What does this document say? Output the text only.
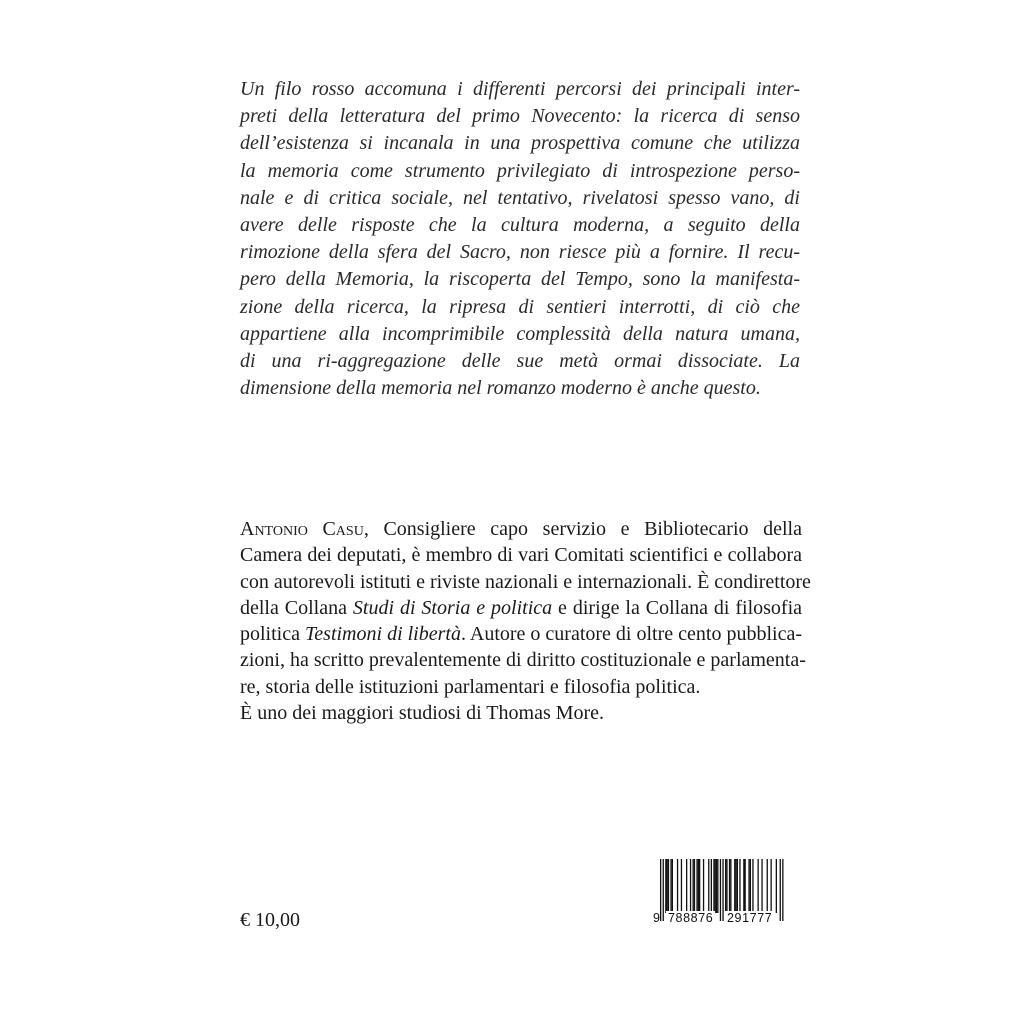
Un filo rosso accomuna i differenti percorsi dei principali inter-
preti della letteratura del primo Novecento: la ricerca di senso
dell’esistenza si incanala in una prospettiva comune che utilizza
la memoria come strumento privilegiato di introspezione perso-
nale e di critica sociale, nel tentativo, rivelatosi spesso vano, di
avere delle risposte che la cultura moderna, a seguito della
rimozione della sfera del Sacro, non riesce più a fornire. Il recu-
pero della Memoria, la riscoperta del Tempo, sono la manifesta-
zione della ricerca, la ripresa di sentieri interrotti, di ciò che
appartiene alla incomprimibile complessità della natura umana,
di una ri-aggregazione delle sue metà ormai dissociate. La
dimensione della memoria nel romanzo moderno è anche questo.
Antonio Casu, Consigliere capo servizio e Bibliotecario della
Camera dei deputati, è membro di vari Comitati scientifici e collabora
con autorevoli istituti e riviste nazionali e internazionali. È condirettore
della Collana Studi di Storia e politica e dirige la Collana di filosofia
politica Testimoni di libertà. Autore o curatore di oltre cento pubblica-
zioni, ha scritto prevalentemente di diritto costituzionale e parlamenta-
re, storia delle istituzioni parlamentari e filosofia politica.
È uno dei maggiori studiosi di Thomas More.
€ 10,00	9 788876 291777
